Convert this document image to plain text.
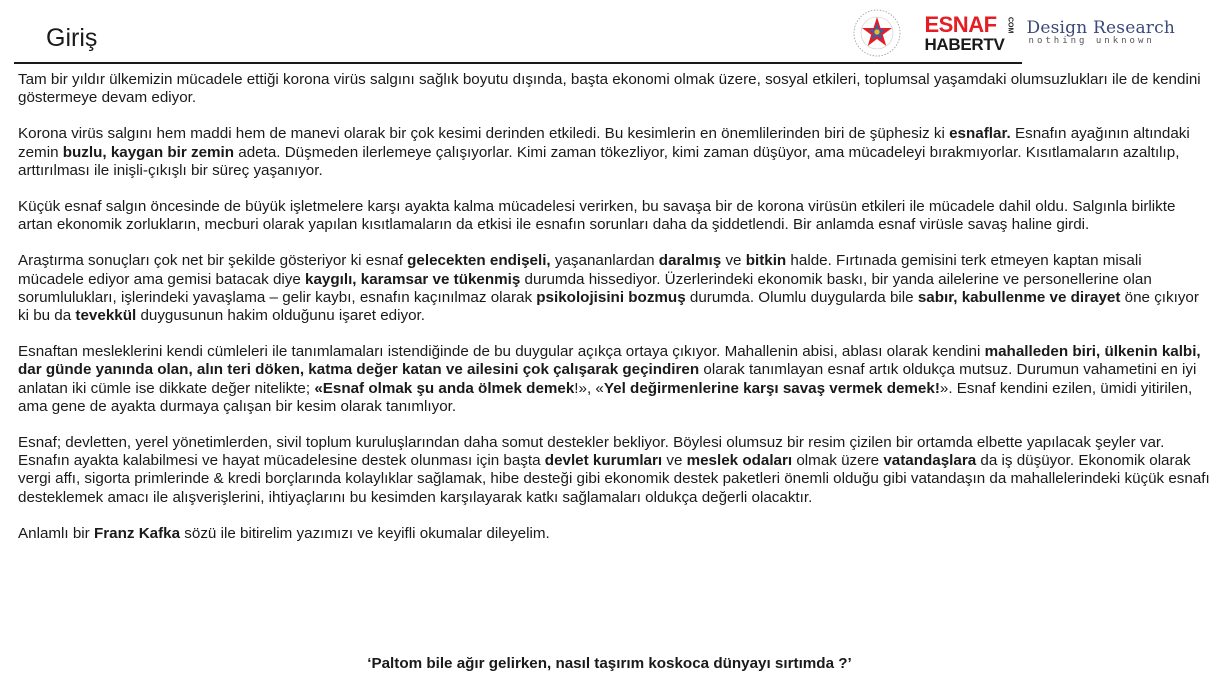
Giriş	ESNAF
HABERTV
COM Design Research
nothing unknown

Tam bir yıldır ülkemizin mücadele ettiği korona virüs salgını sağlık boyutu dışında, başta ekonomi olmak üzere, sosyal etkileri, toplumsal yaşamdaki olumsuzlukları ile de kendini göstermeye devam ediyor.

Korona virüs salgını hem maddi hem de manevi olarak bir çok kesimi derinden etkiledi. Bu kesimlerin en önemlilerinden biri de şüphesiz ki esnaflar. Esnafın ayağının altındaki zemin buzlu, kaygan bir zemin adeta. Düşmeden ilerlemeye çalışıyorlar. Kimi zaman tökezliyor, kimi zaman düşüyor, ama mücadeleyi bırakmıyorlar. Kısıtlamaların azaltılıp, arttırılması ile inişli-çıkışlı bir süreç yaşanıyor.

Küçük esnaf salgın öncesinde de büyük işletmelere karşı ayakta kalma mücadelesi verirken, bu savaşa bir de korona virüsün etkileri ile mücadele dahil oldu. Salgınla birlikte artan ekonomik zorlukların, mecburi olarak yapılan kısıtlamaların da etkisi ile esnafın sorunları daha da şiddetlendi. Bir anlamda esnaf virüsle savaş haline girdi.

Araştırma sonuçları çok net bir şekilde gösteriyor ki esnaf gelecekten endişeli, yaşananlardan daralmış ve bitkin halde. Fırtınada gemisini terk etmeyen kaptan misali mücadele ediyor ama gemisi batacak diye kaygılı, karamsar ve tükenmiş durumda hissediyor. Üzerlerindeki ekonomik baskı, bir yanda ailelerine ve personellerine olan sorumlulukları, işlerindeki yavaşlama – gelir kaybı, esnafın kaçınılmaz olarak psikolojisini bozmuş durumda. Olumlu duygularda bile sabır, kabullenme ve dirayet öne çıkıyor ki bu da tevekkül duygusunun hakim olduğunu işaret ediyor.

Esnaftan mesleklerini kendi cümleleri ile tanımlamaları istendiğinde de bu duygular açıkça ortaya çıkıyor. Mahallenin abisi, ablası olarak kendini mahalleden biri, ülkenin kalbi, dar günde yanında olan, alın teri döken, katma değer katan ve ailesini çok çalışarak geçindiren olarak tanımlayan esnaf artık oldukça mutsuz. Durumun vahametini en iyi anlatan iki cümle ise dikkate değer nitelikte; «Esnaf olmak şu anda ölmek demek!», «Yel değirmenlerine karşı savaş vermek demek!». Esnaf kendini ezilen, ümidi yitirilen, ama gene de ayakta durmaya çalışan bir kesim olarak tanımlıyor.

Esnaf; devletten, yerel yönetimlerden, sivil toplum kuruluşlarından daha somut destekler bekliyor. Böylesi olumsuz bir resim çizilen bir ortamda elbette yapılacak şeyler var. Esnafın ayakta kalabilmesi ve hayat mücadelesine destek olunması için başta devlet kurumları ve meslek odaları olmak üzere vatandaşlara da iş düşüyor. Ekonomik olarak vergi affı, sigorta primlerinde & kredi borçlarında kolaylıklar sağlamak, hibe desteği gibi ekonomik destek paketleri önemli olduğu gibi vatandaşın da mahallelerindeki küçük esnafı desteklemek amacı ile alışverişlerini, ihtiyaçlarını bu kesimden karşılayarak katkı sağlamaları oldukça değerli olacaktır.

Anlamlı bir Franz Kafka sözü ile bitirelim yazımızı ve keyifli okumalar dileyelim.

‘Paltom bile ağır gelirken, nasıl taşırım koskoca dünyayı sırtımda ?’
